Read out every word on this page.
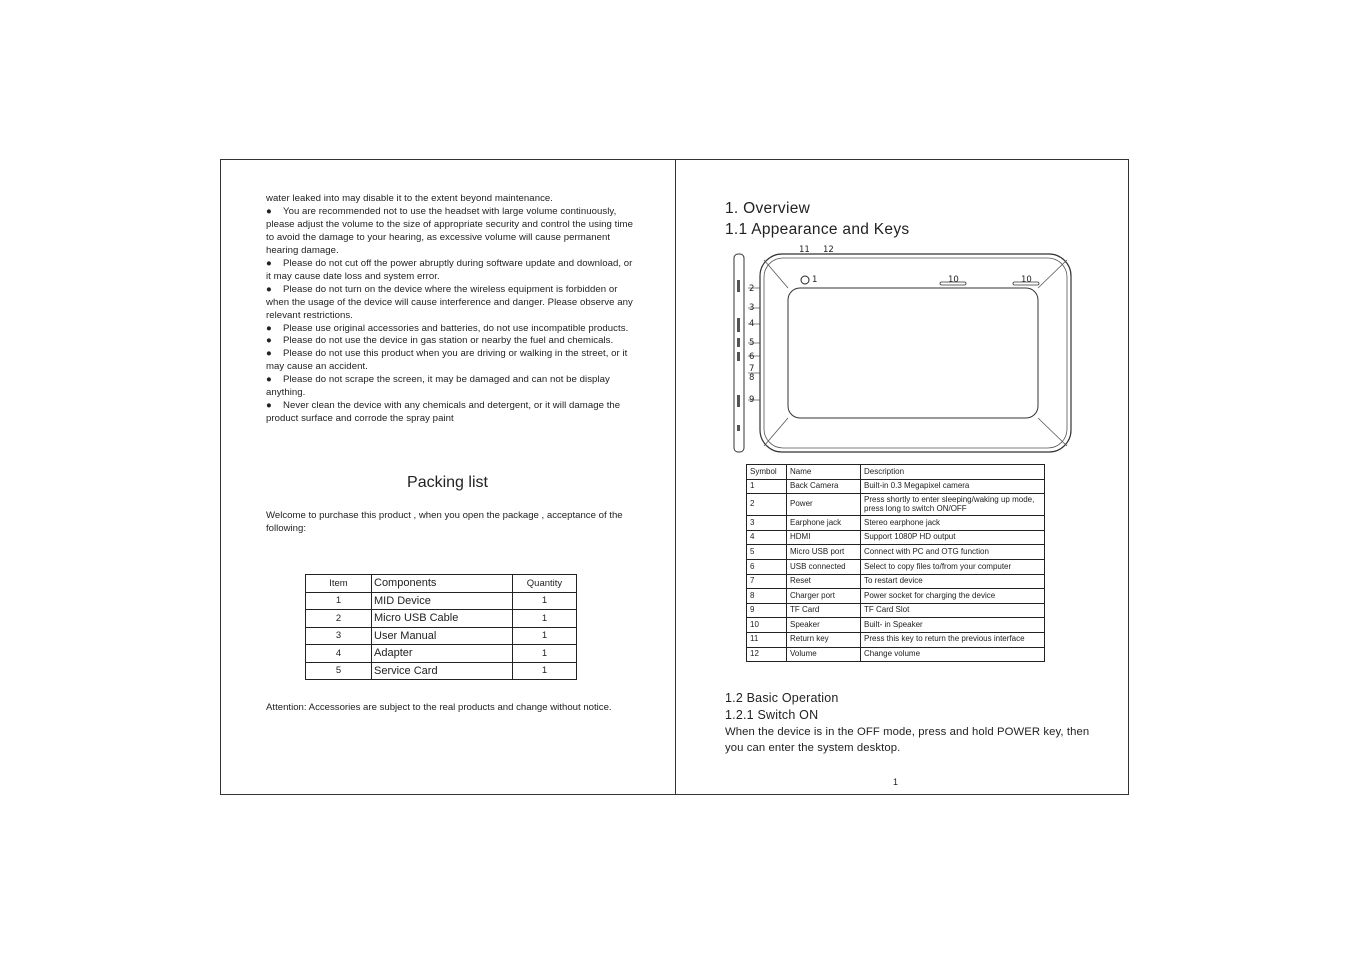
water leaked into may disable it to the extent beyond maintenance.

● You are recommended not to use the headset with large volume continuously, please adjust the volume to the size of appropriate security and control the using time to avoid the damage to your hearing, as excessive volume will cause permanent hearing damage.

● Please do not cut off the power abruptly during software update and download, or it may cause date loss and system error.

● Please do not turn on the device where the wireless equipment is forbidden or when the usage of the device will cause interference and danger. Please observe any relevant restrictions.

● Please use original accessories and batteries, do not use incompatible products.

● Please do not use the device in gas station or nearby the fuel and chemicals.

● Please do not use this product when you are driving or walking in the street, or it may cause an accident.

● Please do not scrape the screen, it may be damaged and can not be display anything.

● Never clean the device with any chemicals and detergent, or it will damage the product surface and corrode the spray paint

Packing list
Welcome to purchase this product , when you open the package , acceptance of the following:
Item	Components	Quantity
1	MID Device	1
2	Micro USB Cable	1
3	User Manual	1
4	Adapter	1
5	Service Card	1
Attention: Accessories are subject to the real products and change without notice.
1. Overview
1.1 Appearance and Keys
11 12
1	10	10
2
3
4
5
6
7
8
9
Symbol	Name	Description
1	Back Camera	Built-in 0.3 Megapixel camera
2	Power	Press shortly to enter sleeping/waking up mode, press long to switch ON/OFF
3	Earphone jack	Stereo earphone jack
4	HDMI	Support 1080P HD output
5	Micro USB port	Connect with PC and OTG function
6	USB connected	Select to copy files to/from your computer
7	Reset	To restart device
8	Charger port	Power socket for charging the device
9	TF Card	TF Card Slot
10	Speaker	Built- in Speaker
11	Return key	Press this key to return the previous interface
12	Volume	Change volume
1.2 Basic Operation
1.2.1 Switch ON
When the device is in the OFF mode, press and hold POWER key, then you can enter the system desktop.
1
